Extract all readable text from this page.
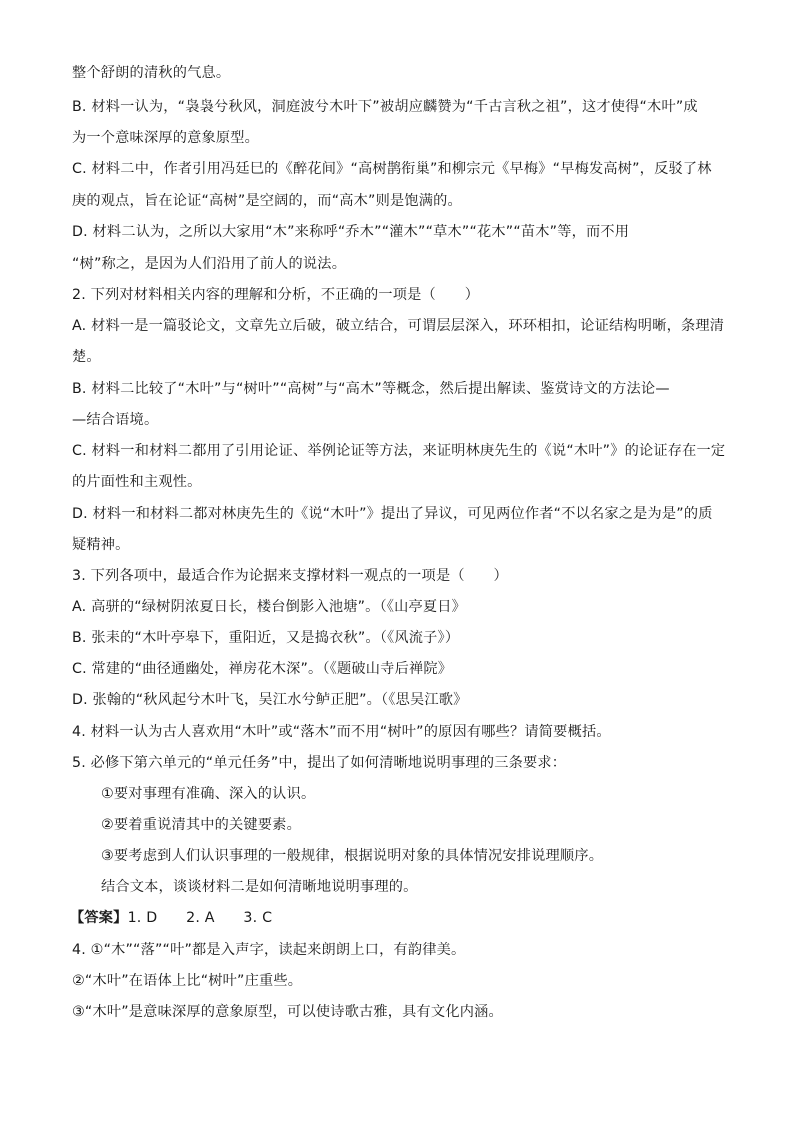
整个舒朗的清秋的气息。
B. 材料一认为，“袅袅兮秋风，洞庭波兮木叶下”被胡应麟赞为“千古言秋之祖”，这才使得“木叶”成
为一个意味深厚的意象原型。
C. 材料二中，作者引用冯廷巳的《醉花间》“高树鹊衔巢”和柳宗元《早梅》“早梅发高树”，反驳了林
庚的观点，旨在论证“高树”是空阔的，而“高木”则是饱满的。
D. 材料二认为，之所以大家用“木”来称呼“乔木”“灌木”“草木”“花木”“苗木”等，而不用
“树”称之，是因为人们沿用了前人的说法。
2. 下列对材料相关内容的理解和分析，不正确的一项是（　　）
A. 材料一是一篇驳论文，文章先立后破，破立结合，可谓层层深入，环环相扣，论证结构明晰，条理清
楚。
B. 材料二比较了“木叶”与“树叶”“高树”与“高木”等概念，然后提出解读、鉴赏诗文的方法论—
—结合语境。
C. 材料一和材料二都用了引用论证、举例论证等方法，来证明林庚先生的《说“木叶”》的论证存在一定
的片面性和主观性。
D. 材料一和材料二都对林庚先生的《说“木叶”》提出了异议，可见两位作者“不以名家之是为是”的质
疑精神。
3. 下列各项中，最适合作为论据来支撑材料一观点的一项是（　　）
A. 高骈的“绿树阴浓夏日长，楼台倒影入池塘”。（《山亭夏日》
B. 张耒的“木叶亭皋下，重阳近，又是捣衣秋”。（《风流子》）
C. 常建的“曲径通幽处，禅房花木深”。（《题破山寺后禅院》
D. 张翰的“秋风起兮木叶飞，吴江水兮鲈正肥”。（《思吴江歌》
4. 材料一认为古人喜欢用“木叶”或“落木”而不用“树叶”的原因有哪些？请简要概括。
5. 必修下第六单元的“单元任务”中，提出了如何清晰地说明事理的三条要求：
①要对事理有准确、深入的认识。
②要着重说清其中的关键要素。
③要考虑到人们认识事理的一般规律，根据说明对象的具体情况安排说理顺序。
结合文本，谈谈材料二是如何清晰地说明事理的。
【答案】1. D　　2. A　　3. C
4. ①“木”“落”“叶”都是入声字，读起来朗朗上口，有韵律美。
②“木叶”在语体上比“树叶”庄重些。
③“木叶”是意味深厚的意象原型，可以使诗歌古雅，具有文化内涵。
